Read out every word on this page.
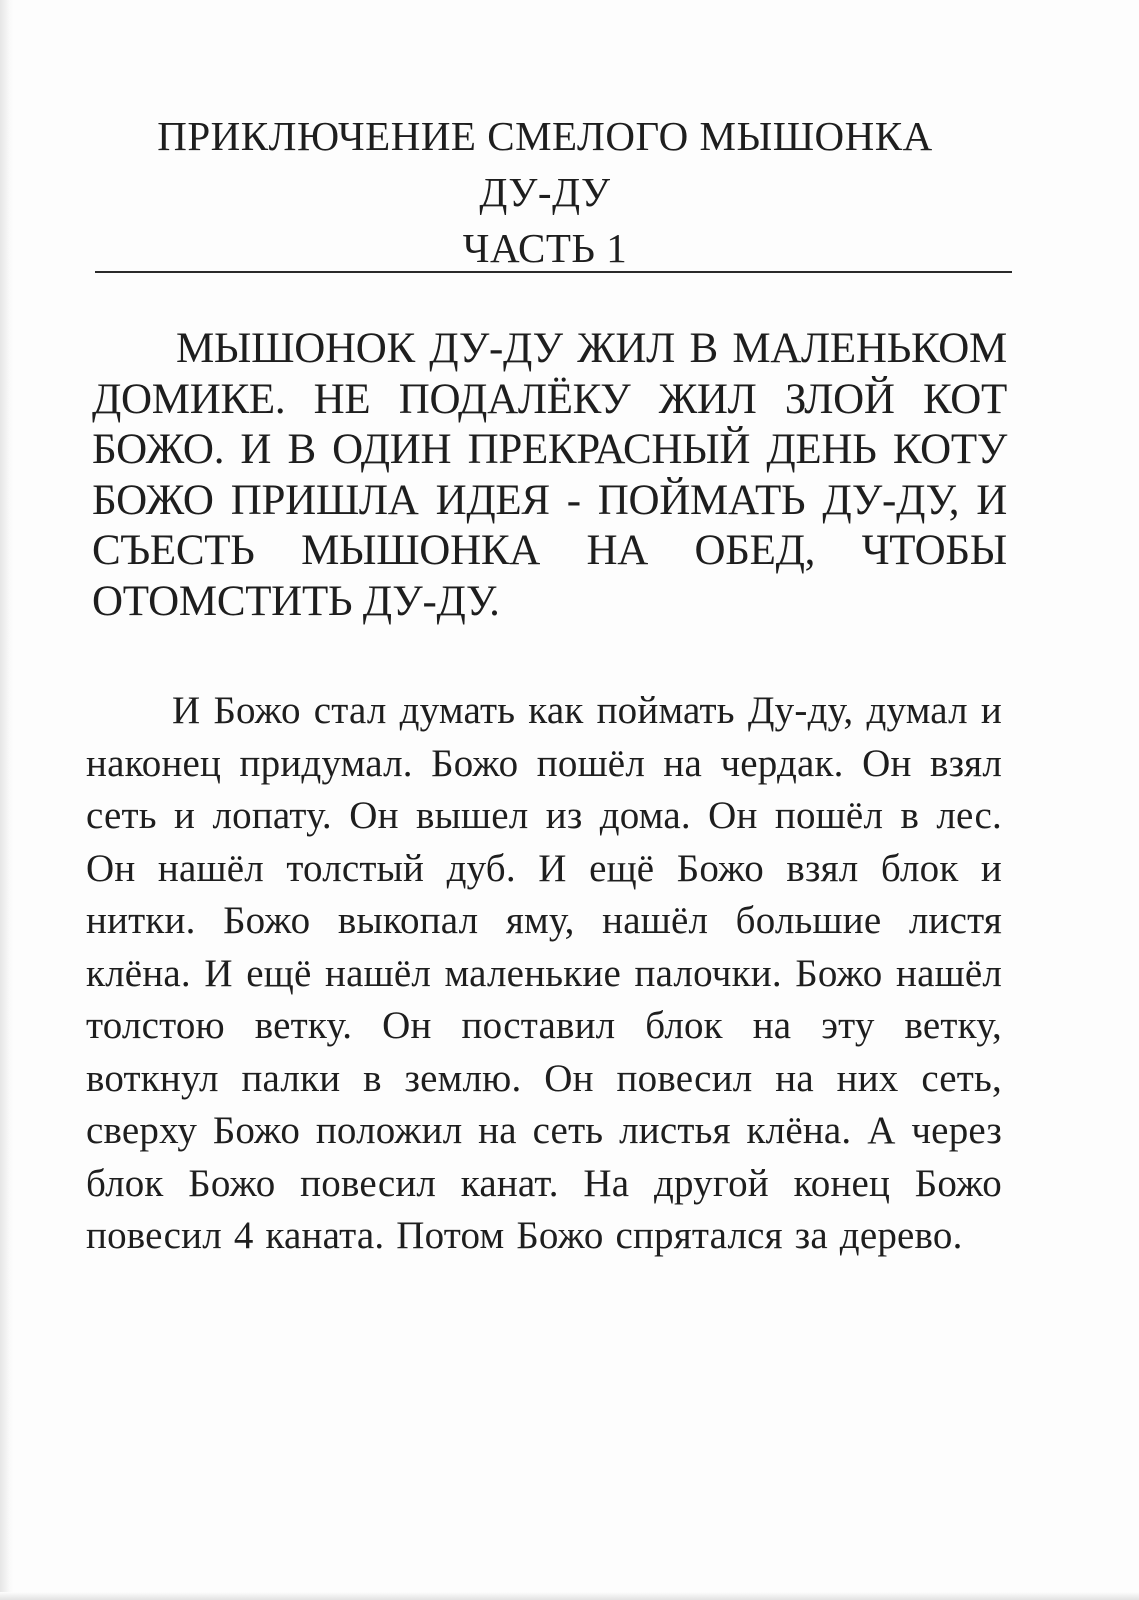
ПРИКЛЮЧЕНИЕ СМЕЛОГО МЫШОНКА
ДУ-ДУ
ЧАСТЬ 1

МЫШОНОК ДУ-ДУ ЖИЛ В МАЛЕНЬКОМ ДОМИКЕ. НЕ ПОДАЛЁКУ ЖИЛ ЗЛОЙ КОТ БОЖО. И В ОДИН ПРЕКРАСНЫЙ ДЕНЬ КОТУ БОЖО ПРИШЛА ИДЕЯ - ПОЙМАТЬ ДУ-ДУ, И СЪЕСТЬ МЫШОНКА НА ОБЕД, ЧТОБЫ ОТОМСТИТЬ ДУ-ДУ.

И Божо стал думать как поймать Ду-ду, думал и наконец придумал. Божо пошёл на чердак. Он взял сеть и лопату. Он вышел из дома. Он пошёл в лес. Он нашёл толстый дуб. И ещё Божо взял блок и нитки. Божо выкопал яму, нашёл большие листя клёна. И ещё нашёл маленькие палочки. Божо нашёл толстою ветку. Он поставил блок на эту ветку, воткнул палки в землю. Он повесил на них сеть, сверху Божо положил на сеть листья клёна. А через блок Божо повесил канат. На другой конец Божо повесил 4 каната. Потом Божо спрятался за дерево.
